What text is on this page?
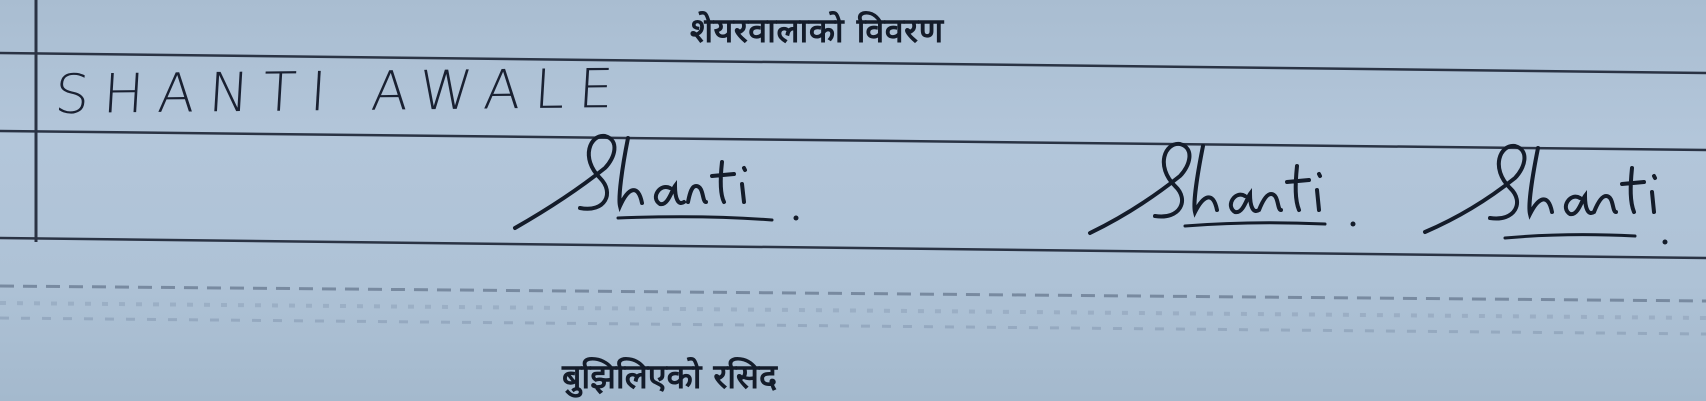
शेयरवालाको विवरण
SHANTI AWALE
बुझिलिएको रसिद
